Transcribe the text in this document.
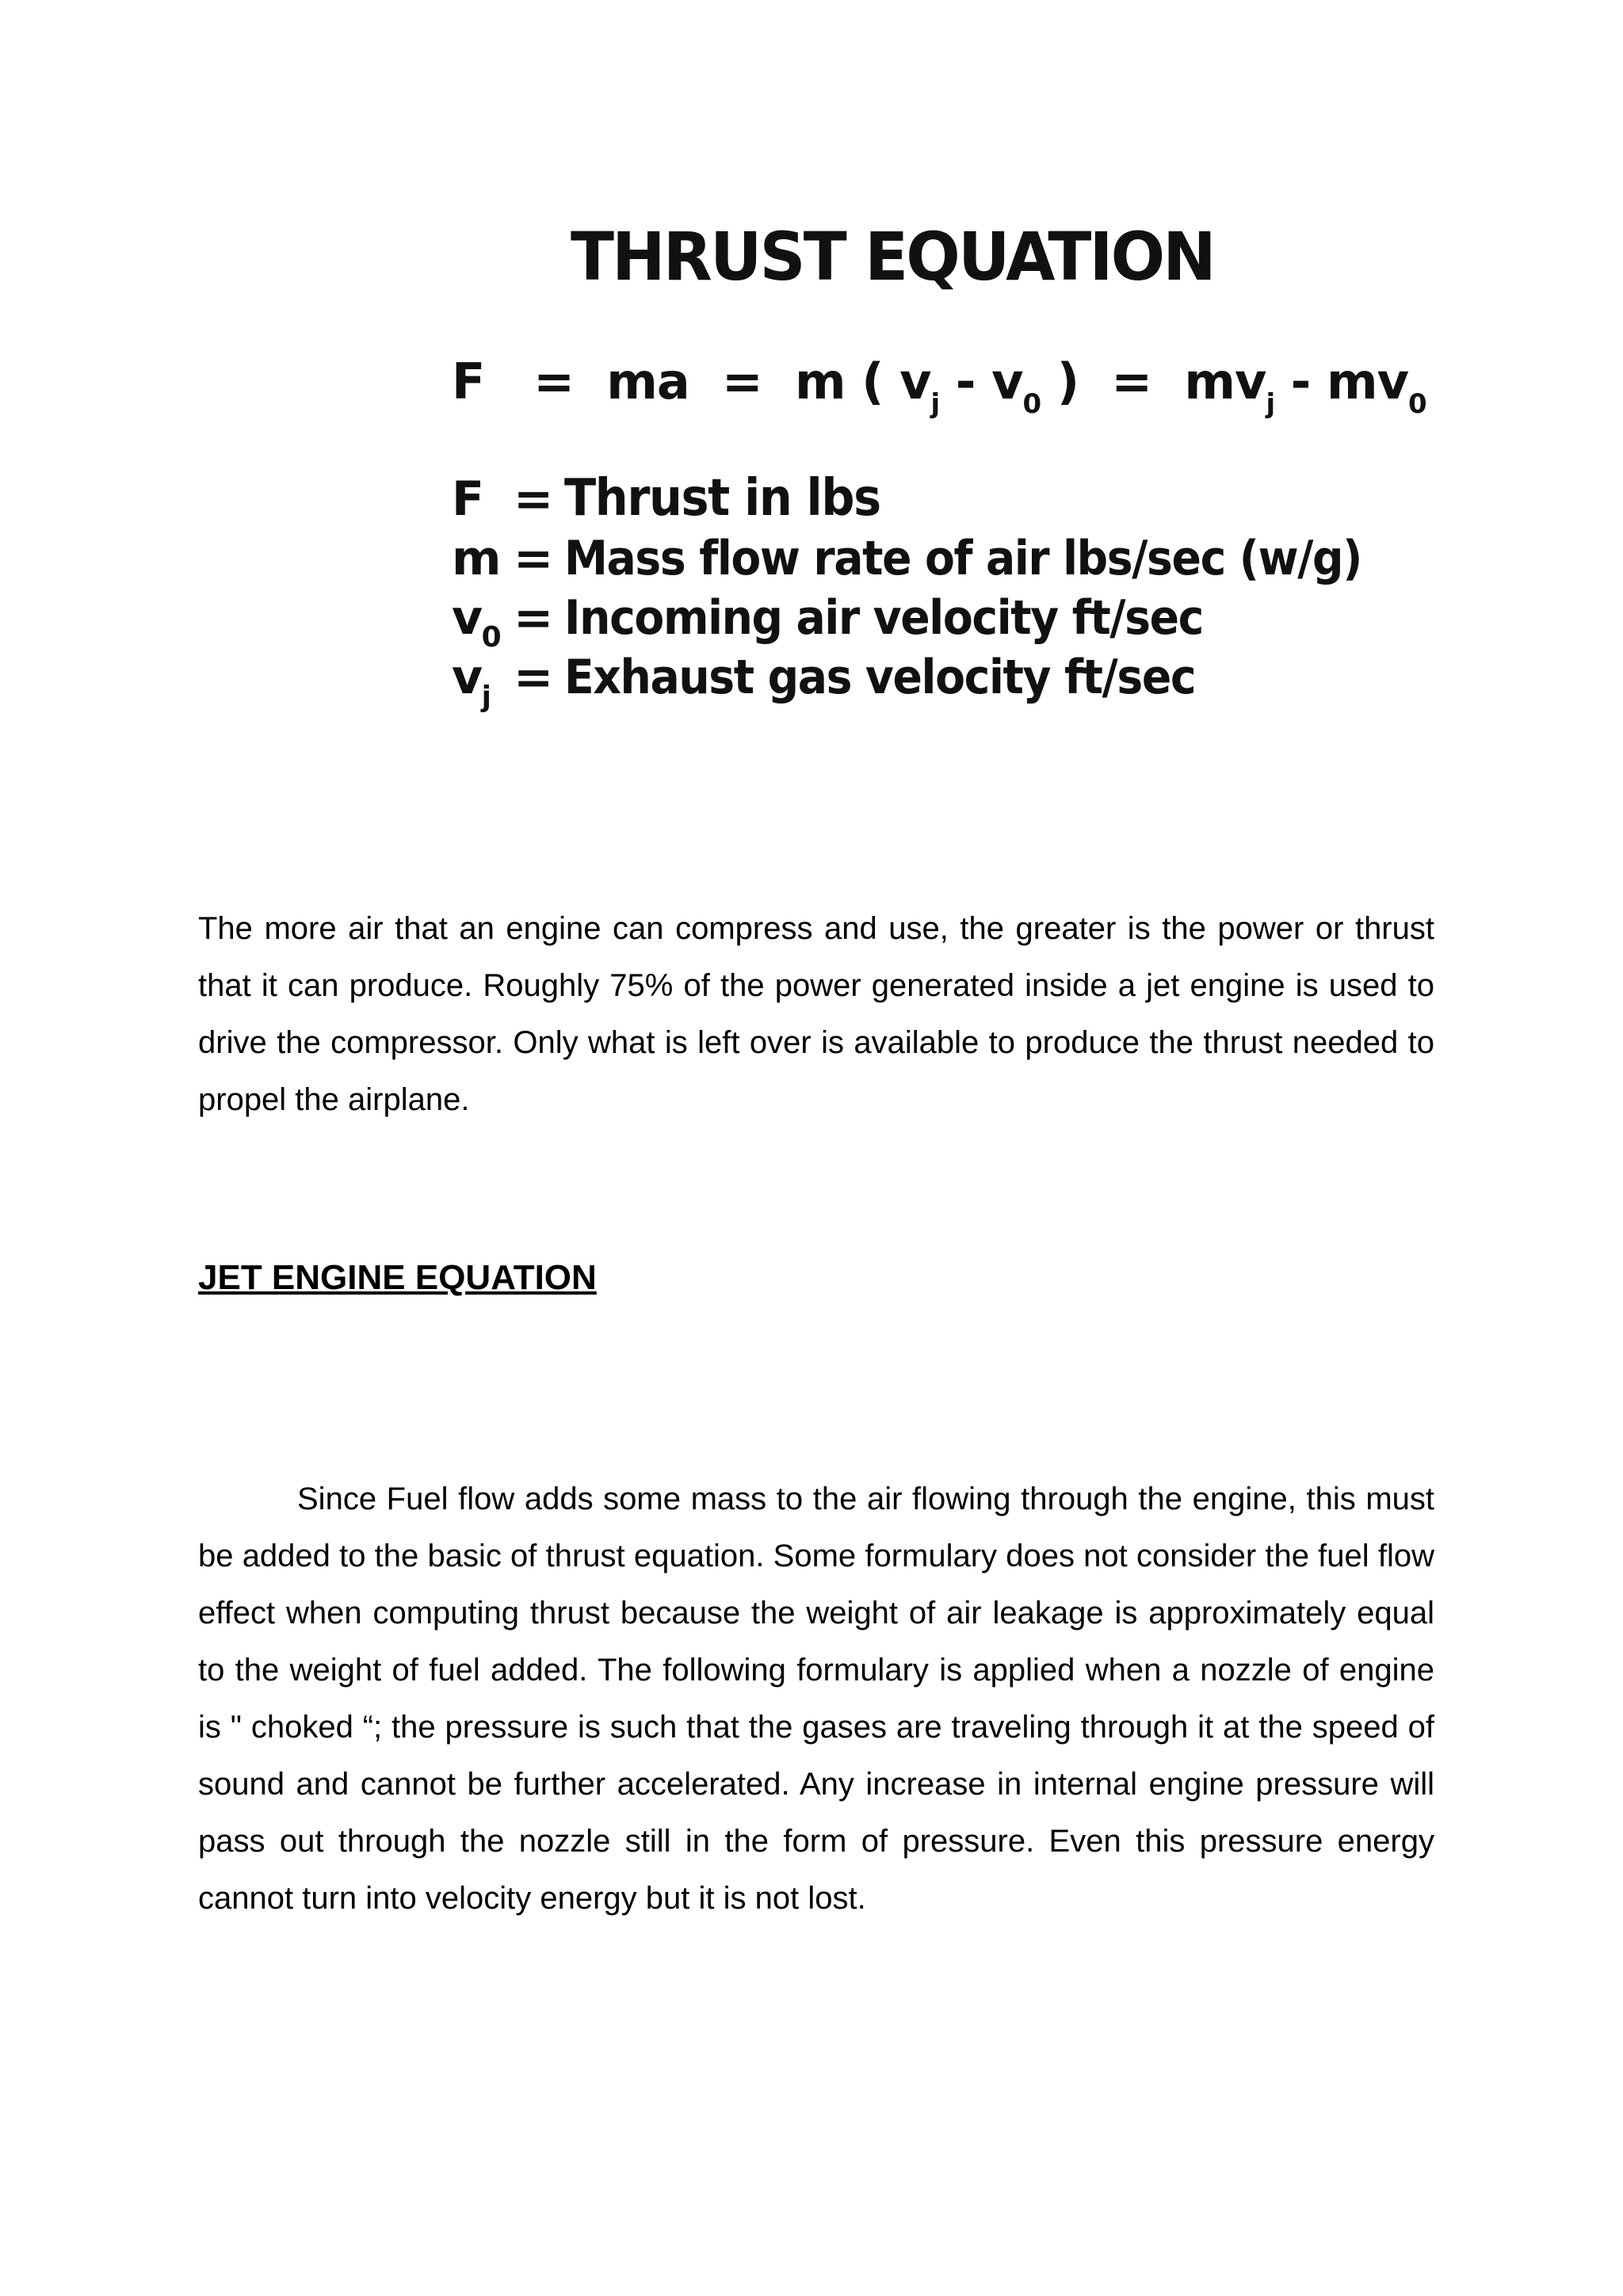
THRUST EQUATION
F = ma = m ( $v_j - v_0$ ) = $mv_j - mv_0$
F = Thrust in lbs
m = Mass flow rate of air lbs/sec (w/g)
$v_0$ = Incoming air velocity ft/sec
$v_j$ = Exhaust gas velocity ft/sec

The more air that an engine can compress and use, the greater is the power or thrust that it can produce. Roughly 75% of the power generated inside a jet engine is used to drive the compressor. Only what is left over is available to produce the thrust needed to propel the airplane.

JET ENGINE EQUATION

Since Fuel flow adds some mass to the air flowing through the engine, this must be added to the basic of thrust equation. Some formulary does not consider the fuel flow effect when computing thrust because the weight of air leakage is approximately equal to the weight of fuel added. The following formulary is applied when a nozzle of engine is " choked “; the pressure is such that the gases are traveling through it at the speed of sound and cannot be further accelerated. Any increase in internal engine pressure will pass out through the nozzle still in the form of pressure. Even this pressure energy cannot turn into velocity energy but it is not lost.
